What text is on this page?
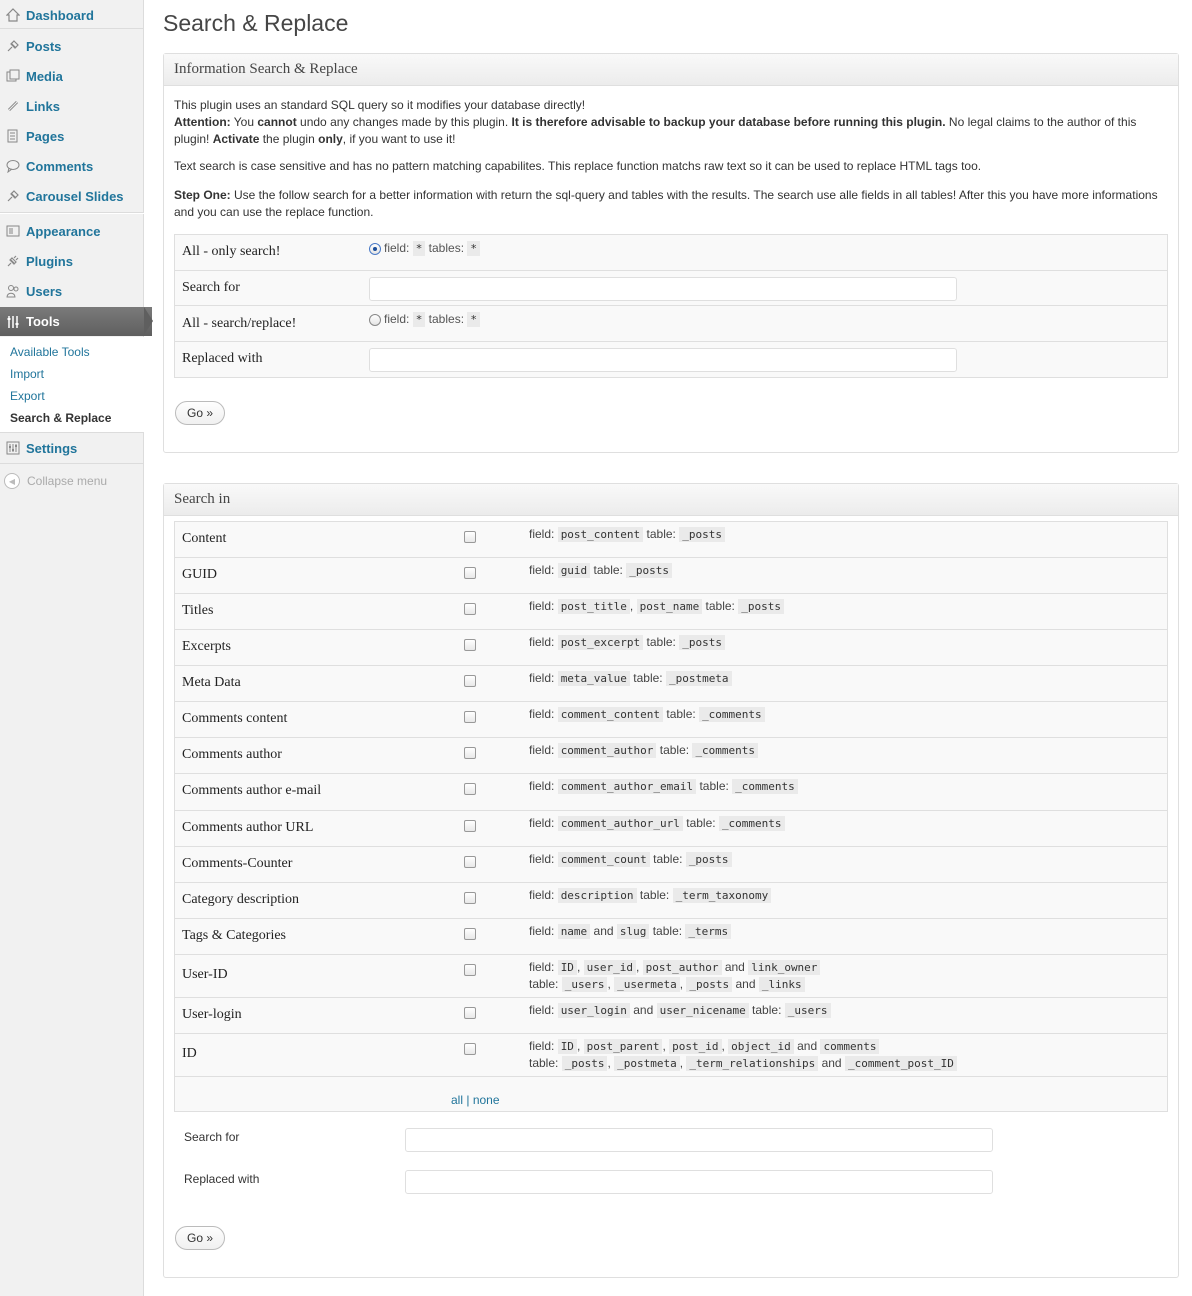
Dashboard
Posts
Media
Links
Pages
Comments
Carousel Slides
Appearance
Plugins
Users
Tools
Available Tools
Import
Export
Search & Replace
Settings
◀ Collapse menu
Search & Replace
Information Search & Replace
This plugin uses an standard SQL query so it modifies your database directly!
Attention: You cannot undo any changes made by this plugin. It is therefore advisable to backup your database before running this plugin. No legal claims to the author of this plugin! Activate the plugin only, if you want to use it!
Text search is case sensitive and has no pattern matching capabilites. This replace function matchs raw text so it can be used to replace HTML tags too.
Step One: Use the follow search for a better information with return the sql-query and tables with the results. The search use alle fields in all tables! After this you have more informations and you can use the replace function.
All - only search!	field: * tables: *
Search for
All - search/replace!	field: * tables: *
Replaced with
Go »
Search in
Content	field: post_content table: _posts
GUID	field: guid table: _posts
Titles	field: post_title , post_name table: _posts
Excerpts	field: post_excerpt table: _posts
Meta Data	field: meta_value table: _postmeta
Comments content	field: comment_content table: _comments
Comments author	field: comment_author table: _comments
Comments author e-mail	field: comment_author_email table: _comments
Comments author URL	field: comment_author_url table: _comments
Comments-Counter	field: comment_count table: _posts
Category description	field: description table: _term_taxonomy
Tags & Categories	field: name and slug table: _terms
User-ID	field: ID , user_id , post_author and link_owner
table: _users , _usermeta , _posts and _links
User-login	field: user_login and user_nicename table: _users
ID	field: ID , post_parent , post_id , object_id and comments
table: _posts , _postmeta , _term_relationships and _comment_post_ID
all | none
Search for
Replaced with
Go »
